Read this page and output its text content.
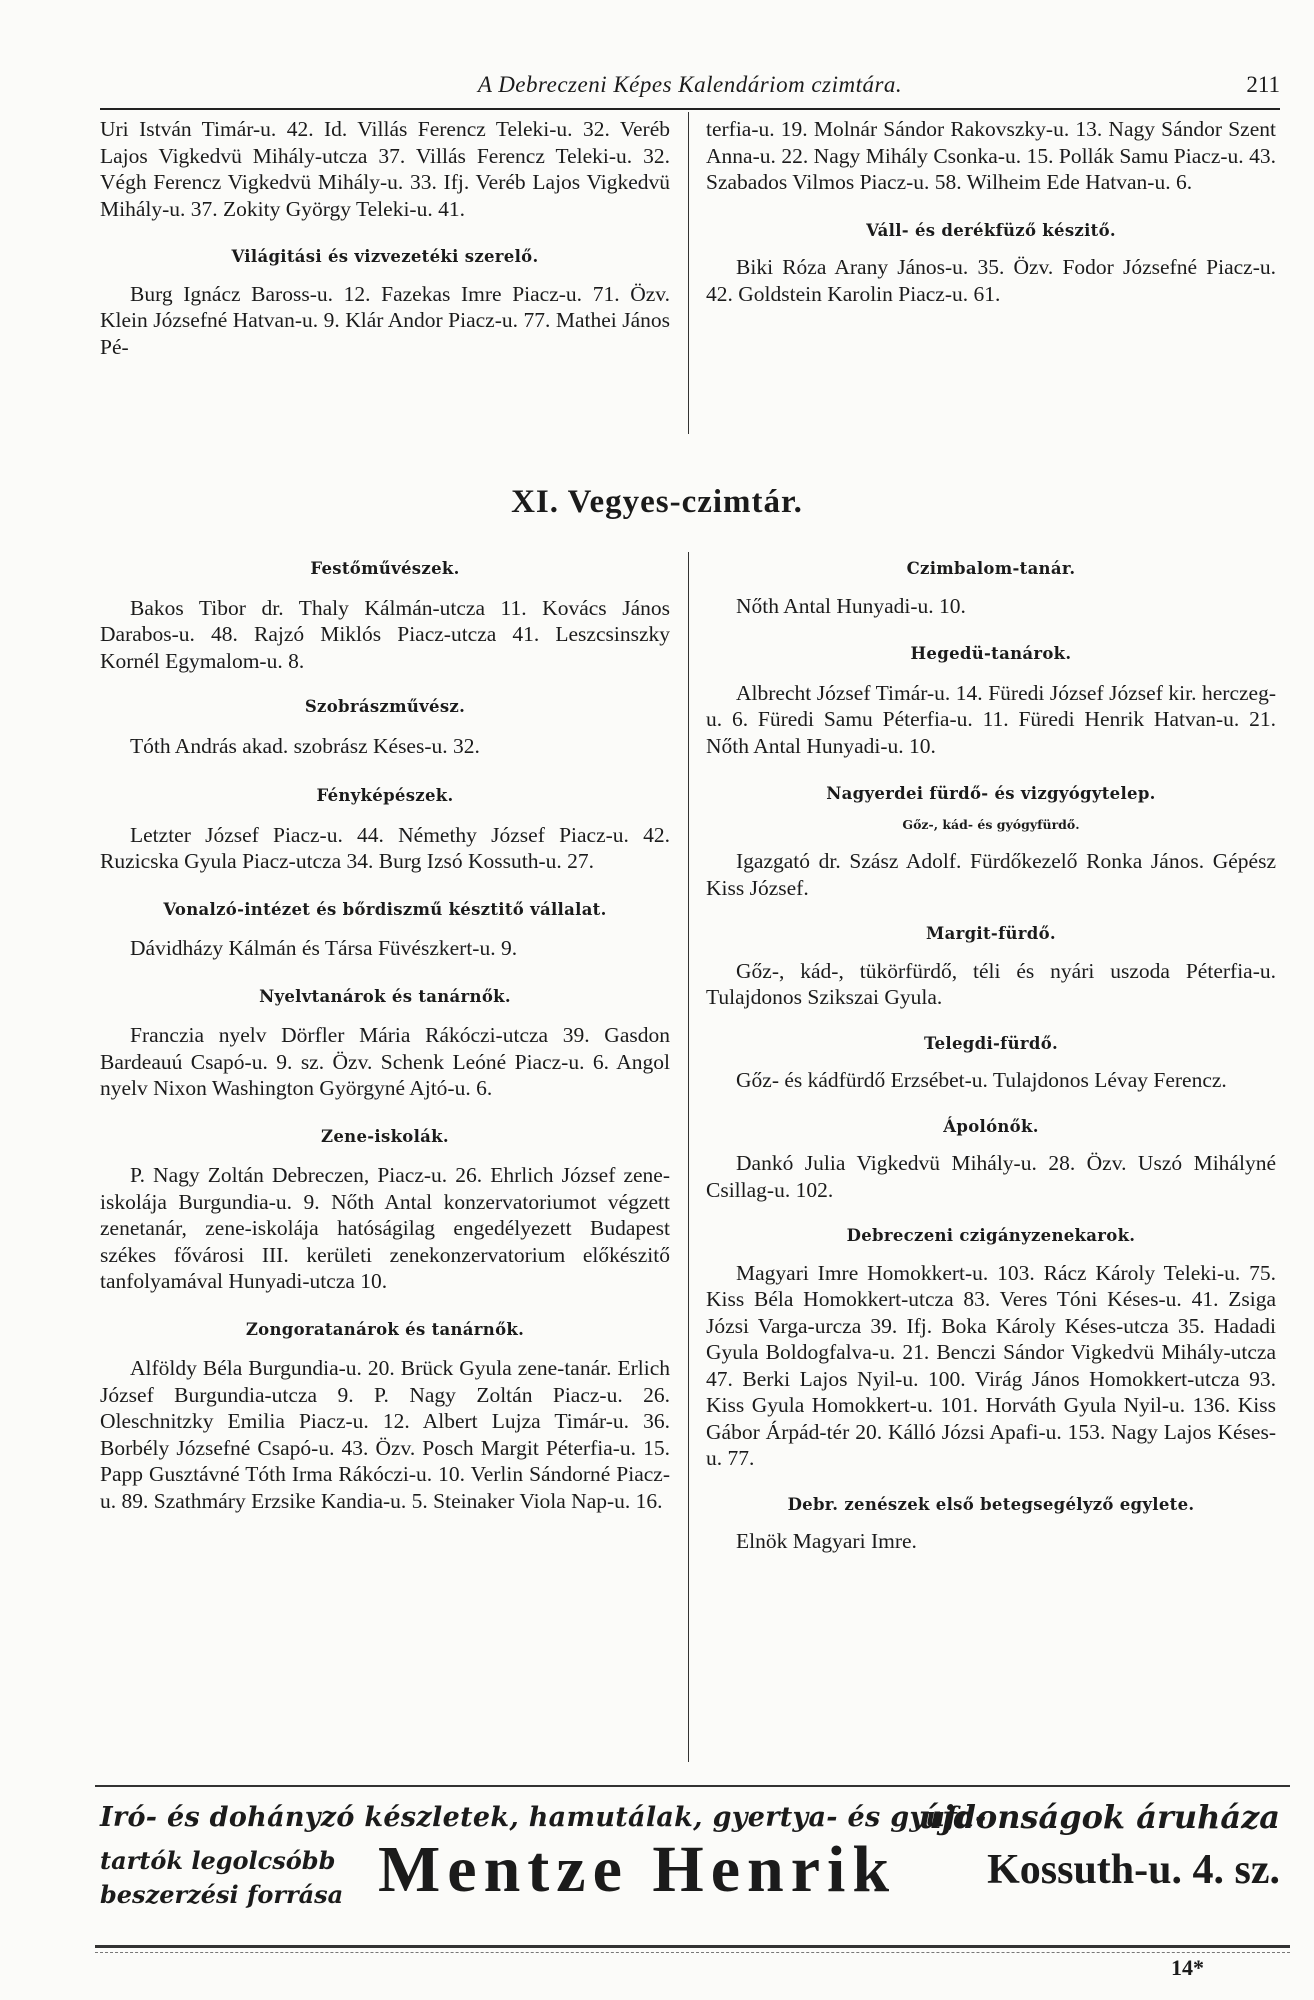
A Debreczeni Képes Kalendáriom czimtára.	211

Uri István Timár-u. 42. Id. Villás Ferencz Teleki-u. 32. Veréb Lajos Vigkedvü Mihály-utcza 37. Villás Ferencz Teleki-u. 32. Végh Ferencz Vigkedvü Mihály-u. 33. Ifj. Veréb Lajos Vigkedvü Mihály-u. 37. Zokity György Teleki-u. 41.

Világitási és vizvezetéki szerelő.

Burg Ignácz Baross-u. 12. Fazekas Imre Piacz-u. 71. Özv. Klein Józsefné Hatvan-u. 9. Klár Andor Piacz-u. 77. Mathei János Pé-

terfia-u. 19. Molnár Sándor Rakovszky-u. 13. Nagy Sándor Szent Anna-u. 22. Nagy Mihály Csonka-u. 15. Pollák Samu Piacz-u. 43. Szabados Vilmos Piacz-u. 58. Wilheim Ede Hatvan-u. 6.

Váll- és derékfüző készitő.

Biki Róza Arany János-u. 35. Özv. Fodor Józsefné Piacz-u. 42. Goldstein Karolin Piacz-u. 61.

XI. Vegyes-czimtár.
Festőművészek.

Bakos Tibor dr. Thaly Kálmán-utcza 11. Kovács János Darabos-u. 48. Rajzó Miklós Piacz-utcza 41. Leszcsinszky Kornél Egymalom-u. 8.

Szobrászművész.

Tóth András akad. szobrász Késes-u. 32.

Fényképészek.

Letzter József Piacz-u. 44. Némethy József Piacz-u. 42. Ruzicska Gyula Piacz-utcza 34. Burg Izsó Kossuth-u. 27.

Vonalzó-intézet és bőrdiszmű késztitő vállalat.

Dávidházy Kálmán és Társa Füvészkert-u. 9.

Nyelvtanárok és tanárnők.

Franczia nyelv Dörfler Mária Rákóczi-utcza 39. Gasdon Bardeauú Csapó-u. 9. sz. Özv. Schenk Leóné Piacz-u. 6. Angol nyelv Nixon Washington Györgyné Ajtó-u. 6.

Zene-iskolák.

P. Nagy Zoltán Debreczen, Piacz-u. 26. Ehrlich József zene-iskolája Burgundia-u. 9. Nőth Antal konzervatoriumot végzett zenetanár, zene-iskolája hatóságilag engedélyezett Budapest székes fővárosi III. kerületi zenekonzervatorium előkészitő tanfolyamával Hunyadi-utcza 10.

Zongoratanárok és tanárnők.

Alföldy Béla Burgundia-u. 20. Brück Gyula zene-tanár. Erlich József Burgundia-utcza 9. P. Nagy Zoltán Piacz-u. 26. Oleschnitzky Emilia Piacz-u. 12. Albert Lujza Timár-u. 36. Borbély Józsefné Csapó-u. 43. Özv. Posch Margit Péterfia-u. 15. Papp Gusztávné Tóth Irma Rákóczi-u. 10. Verlin Sándorné Piacz-u. 89. Szathmáry Erzsike Kandia-u. 5. Steinaker Viola Nap-u. 16.

Czimbalom-tanár.

Nőth Antal Hunyadi-u. 10.

Hegedü-tanárok.

Albrecht József Timár-u. 14. Füredi József József kir. herczeg-u. 6. Füredi Samu Péterfia-u. 11. Füredi Henrik Hatvan-u. 21. Nőth Antal Hunyadi-u. 10.

Nagyerdei fürdő- és vizgyógytelep.
Gőz-, kád- és gyógyfürdő.

Igazgató dr. Szász Adolf. Fürdőkezelő Ronka János. Gépész Kiss József.

Margit-fürdő.

Gőz-, kád-, tükörfürdő, téli és nyári uszoda Péterfia-u. Tulajdonos Szikszai Gyula.

Telegdi-fürdő.

Gőz- és kádfürdő Erzsébet-u. Tulajdonos Lévay Ferencz.

Ápolónők.

Dankó Julia Vigkedvü Mihály-u. 28. Özv. Uszó Mihályné Csillag-u. 102.

Debreczeni czigányzenekarok.

Magyari Imre Homokkert-u. 103. Rácz Károly Teleki-u. 75. Kiss Béla Homokkert-utcza 83. Veres Tóni Késes-u. 41. Zsiga Józsi Varga-urcza 39. Ifj. Boka Károly Késes-utcza 35. Hadadi Gyula Boldogfalva-u. 21. Benczi Sándor Vigkedvü Mihály-utcza 47. Berki Lajos Nyil-u. 100. Virág János Homokkert-utcza 93. Kiss Gyula Homokkert-u. 101. Horváth Gyula Nyil-u. 136. Kiss Gábor Árpád-tér 20. Kálló Józsi Apafi-u. 153. Nagy Lajos Késes-u. 77.

Debr. zenészek első betegsegélyző egylete.

Elnök Magyari Imre.

Iró- és dohányzó készletek, hamutálak, gyertya- és gyufa-
tartók legolcsóbb
beszerzési forrása Mentze Henrik
újdonságok áruháza
Kossuth-u. 4. sz.
14*
